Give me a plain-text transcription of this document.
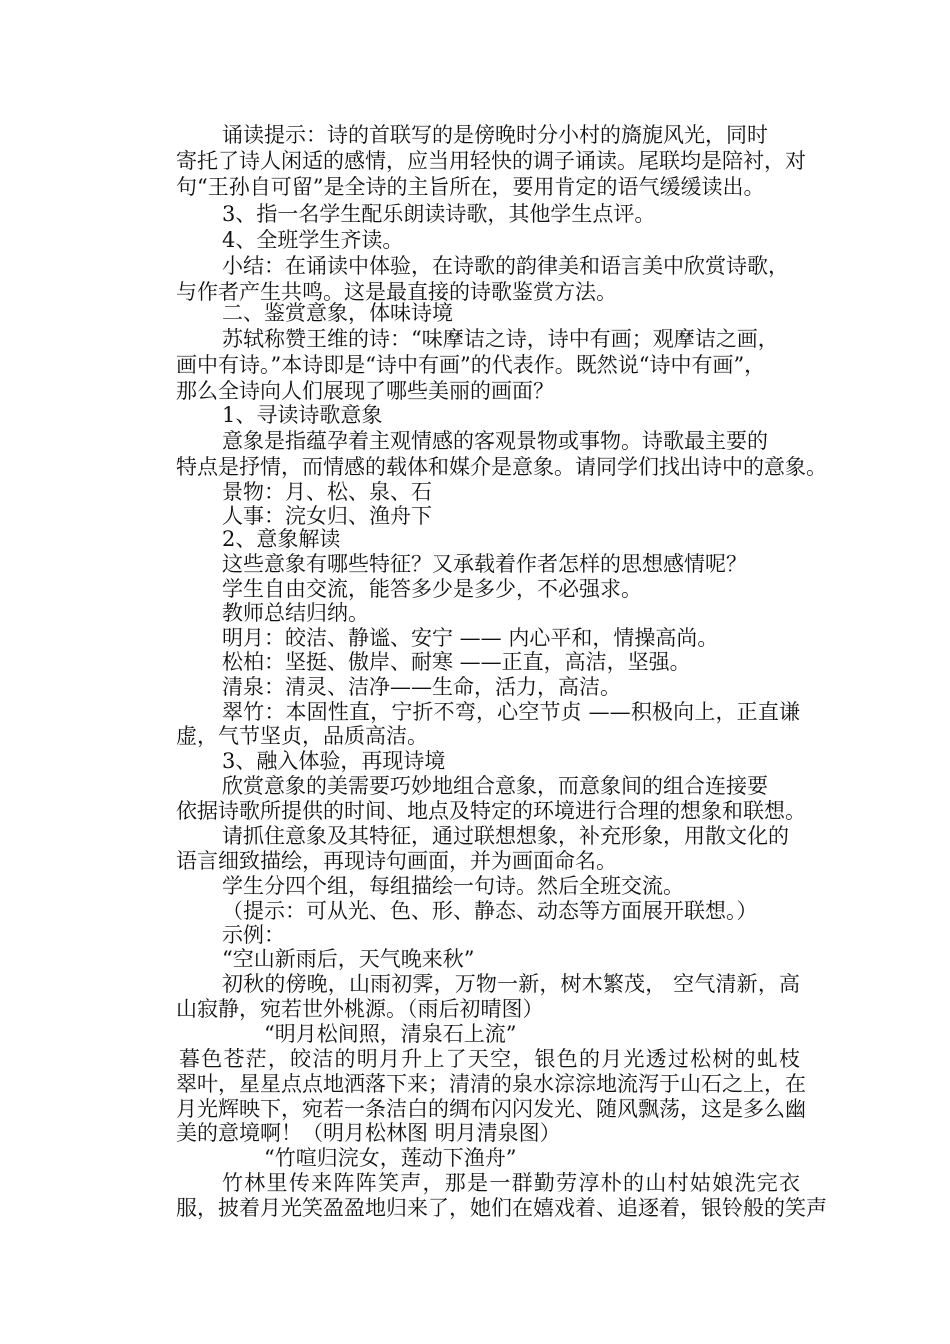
诵读提示：诗的首联写的是傍晚时分小村的旖旎风光，同时
寄托了诗人闲适的感情，应当用轻快的调子诵读。尾联均是陪衬，对
句“王孙自可留”是全诗的主旨所在，要用肯定的语气缓缓读出。
3、指一名学生配乐朗读诗歌，其他学生点评。
4、全班学生齐读。
小结：在诵读中体验，在诗歌的韵律美和语言美中欣赏诗歌，
与作者产生共鸣。这是最直接的诗歌鉴赏方法。
二、鉴赏意象，体味诗境
苏轼称赞王维的诗：“味摩诘之诗，诗中有画；观摩诘之画，
画中有诗。”本诗即是“诗中有画”的代表作。既然说“诗中有画”，
那么全诗向人们展现了哪些美丽的画面？
1、寻读诗歌意象
意象是指蕴孕着主观情感的客观景物或事物。诗歌最主要的
特点是抒情，而情感的载体和媒介是意象。请同学们找出诗中的意象。
景物：月、松、泉、石
人事：浣女归、渔舟下
2、意象解读
这些意象有哪些特征？又承载着作者怎样的思想感情呢？
学生自由交流，能答多少是多少，不必强求。
教师总结归纳。
明月：皎洁、静谧、安宁 —— 内心平和，情操高尚。
松柏：坚挺、傲岸、耐寒 ——正直，高洁，坚强。
清泉：清灵、洁净——生命，活力，高洁。
翠竹：本固性直，宁折不弯，心空节贞 ——积极向上，正直谦
虚，气节坚贞，品质高洁。
3、融入体验，再现诗境
欣赏意象的美需要巧妙地组合意象，而意象间的组合连接要
依据诗歌所提供的时间、地点及特定的环境进行合理的想象和联想。
请抓住意象及其特征，通过联想想象，补充形象，用散文化的
语言细致描绘，再现诗句画面，并为画面命名。
学生分四个组，每组描绘一句诗。然后全班交流。
（提示：可从光、色、形、静态、动态等方面展开联想。）
示例：
“空山新雨后，天气晚来秋”
初秋的傍晚，山雨初霁，万物一新，树木繁茂， 空气清新，高
山寂静，宛若世外桃源。（雨后初晴图）
“明月松间照，清泉石上流”
暮色苍茫，皎洁的明月升上了天空，银色的月光透过松树的虬枝
翠叶，星星点点地洒落下来；清清的泉水淙淙地流泻于山石之上，在
月光辉映下，宛若一条洁白的绸布闪闪发光、随风飘荡，这是多么幽
美的意境啊！（明月松林图 明月清泉图）
“竹喧归浣女，莲动下渔舟”
竹林里传来阵阵笑声，那是一群勤劳淳朴的山村姑娘洗完衣
服，披着月光笑盈盈地归来了，她们在嬉戏着、追逐着，银铃般的笑声
